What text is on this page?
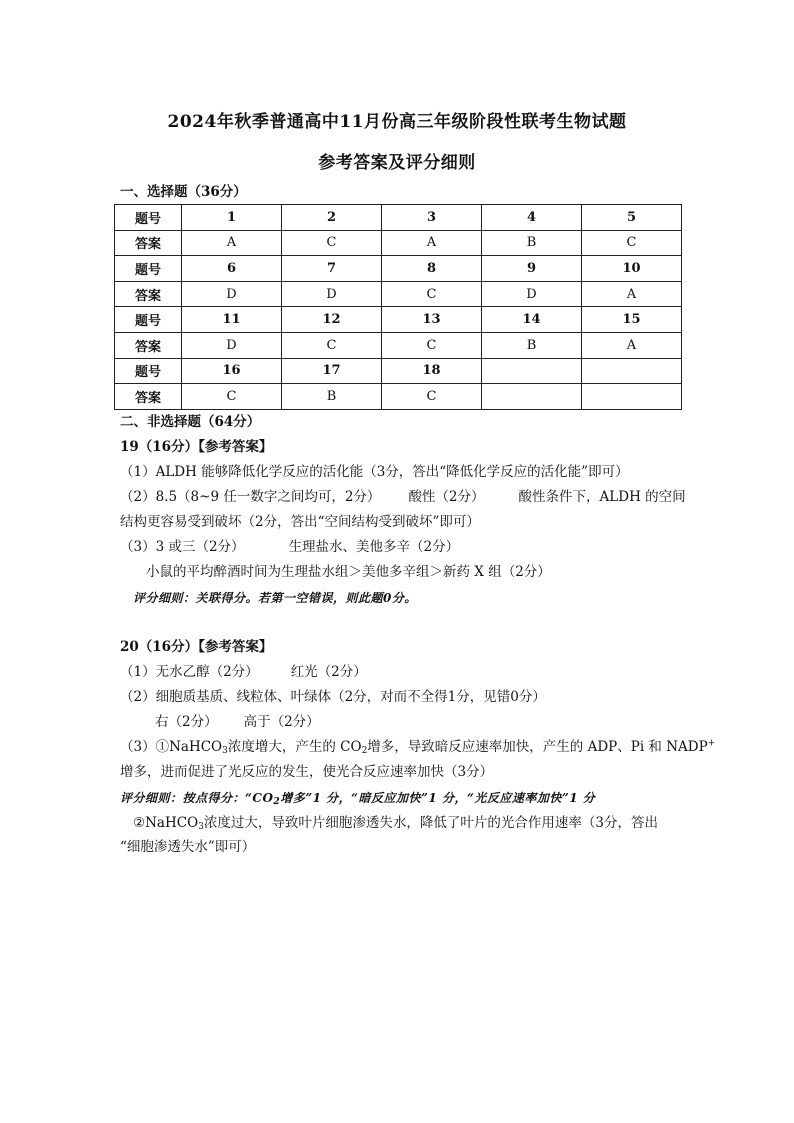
2024年秋季普通高中11月份高三年级阶段性联考生物试题
参考答案及评分细则
一、选择题（36分）
题号	1	2	3	4	5
答案	A	C	A	B	C
题号	6	7	8	9	10
答案	D	D	C	D	A
题号	11	12	13	14	15
答案	D	C	C	B	A
题号	16	17	18		
答案	C	B	C		
二、非选择题（64分）
19（16分）【参考答案】
（1）ALDH 能够降低化学反应的活化能（3分，答出“降低化学反应的活化能”即可）
（2）8.5（8~9 任一数字之间均可，2分） 酸性（2分）	酸性条件下，ALDH 的空间
结构更容易受到破坏（2分，答出“空间结构受到破坏”即可）
（3）3 或三（2分）	生理盐水、美他多辛（2分）
小鼠的平均醉酒时间为生理盐水组＞美他多辛组＞新药 X 组（2分）
评分细则：关联得分。若第一空错误，则此题0分。
20（16分）【参考答案】
（1）无水乙醇（2分） 红光（2分）
（2）细胞质基质、线粒体、叶绿体（2分，对而不全得1分，见错0分）
右（2分） 高于（2分）
（3）①NaHCO$_3$浓度增大，产生的 $CO_2$增多，导致暗反应速率加快，产生的 ADP、Pi 和 NADP+
增多，进而促进了光反应的发生，使光合反应速率加快（3分）
评分细则：按点得分：“$CO_2$增多”1 分，“暗反应加快”1 分，“光反应速率加快”1 分
②NaHCO$_3$浓度过大，导致叶片细胞渗透失水，降低了叶片的光合作用速率（3分，答出
“细胞渗透失水”即可）
